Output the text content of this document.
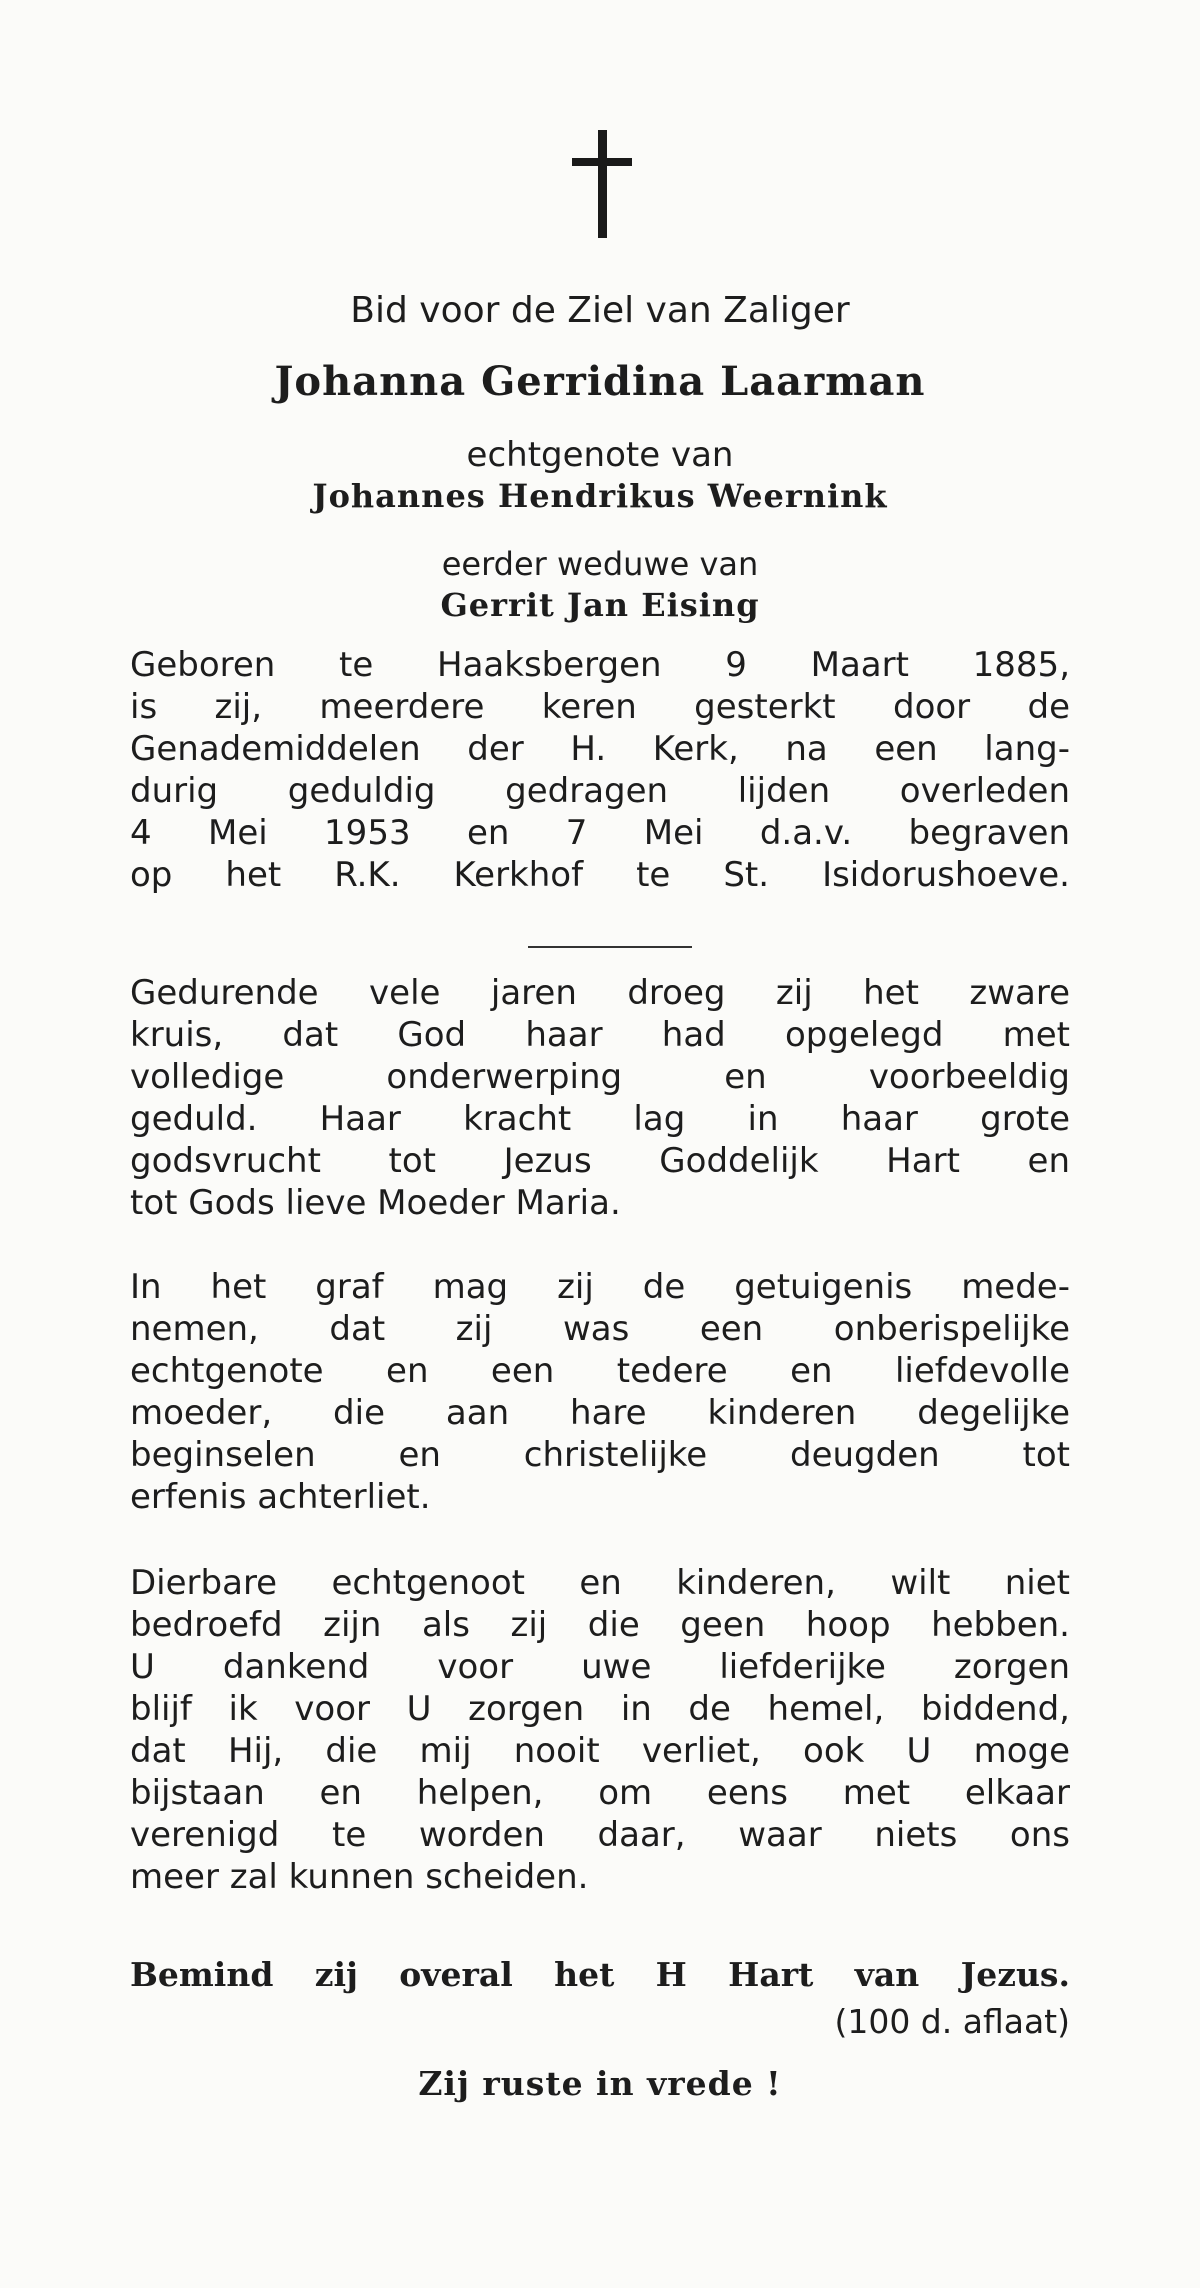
Bid voor de Ziel van Zaliger
Johanna Gerridina Laarman
echtgenote van
Johannes Hendrikus Weernink
eerder weduwe van
Gerrit Jan Eising
Geboren te Haaksbergen 9 Maart 1885,
is zij, meerdere keren gesterkt door de
Genademiddelen der H. Kerk, na een lang-
durig geduldig gedragen lijden overleden
4 Mei 1953 en 7 Mei d.a.v. begraven
op het R.K. Kerkhof te St. Isidorushoeve.
Gedurende vele jaren droeg zij het zware
kruis, dat God haar had opgelegd met
volledige onderwerping en voorbeeldig
geduld. Haar kracht lag in haar grote
godsvrucht tot Jezus Goddelijk Hart en
tot Gods lieve Moeder Maria.
In het graf mag zij de getuigenis mede-
nemen, dat zij was een onberispelijke
echtgenote en een tedere en liefdevolle
moeder, die aan hare kinderen degelijke
beginselen en christelijke deugden tot
erfenis achterliet.
Dierbare echtgenoot en kinderen, wilt niet
bedroefd zijn als zij die geen hoop hebben.
U dankend voor uwe liefderijke zorgen
blijf ik voor U zorgen in de hemel, biddend,
dat Hij, die mij nooit verliet, ook U moge
bijstaan en helpen, om eens met elkaar
verenigd te worden daar, waar niets ons
meer zal kunnen scheiden.
Bemind zij overal het H Hart van Jezus.
(100 d. aflaat)
Zij ruste in vrede !
